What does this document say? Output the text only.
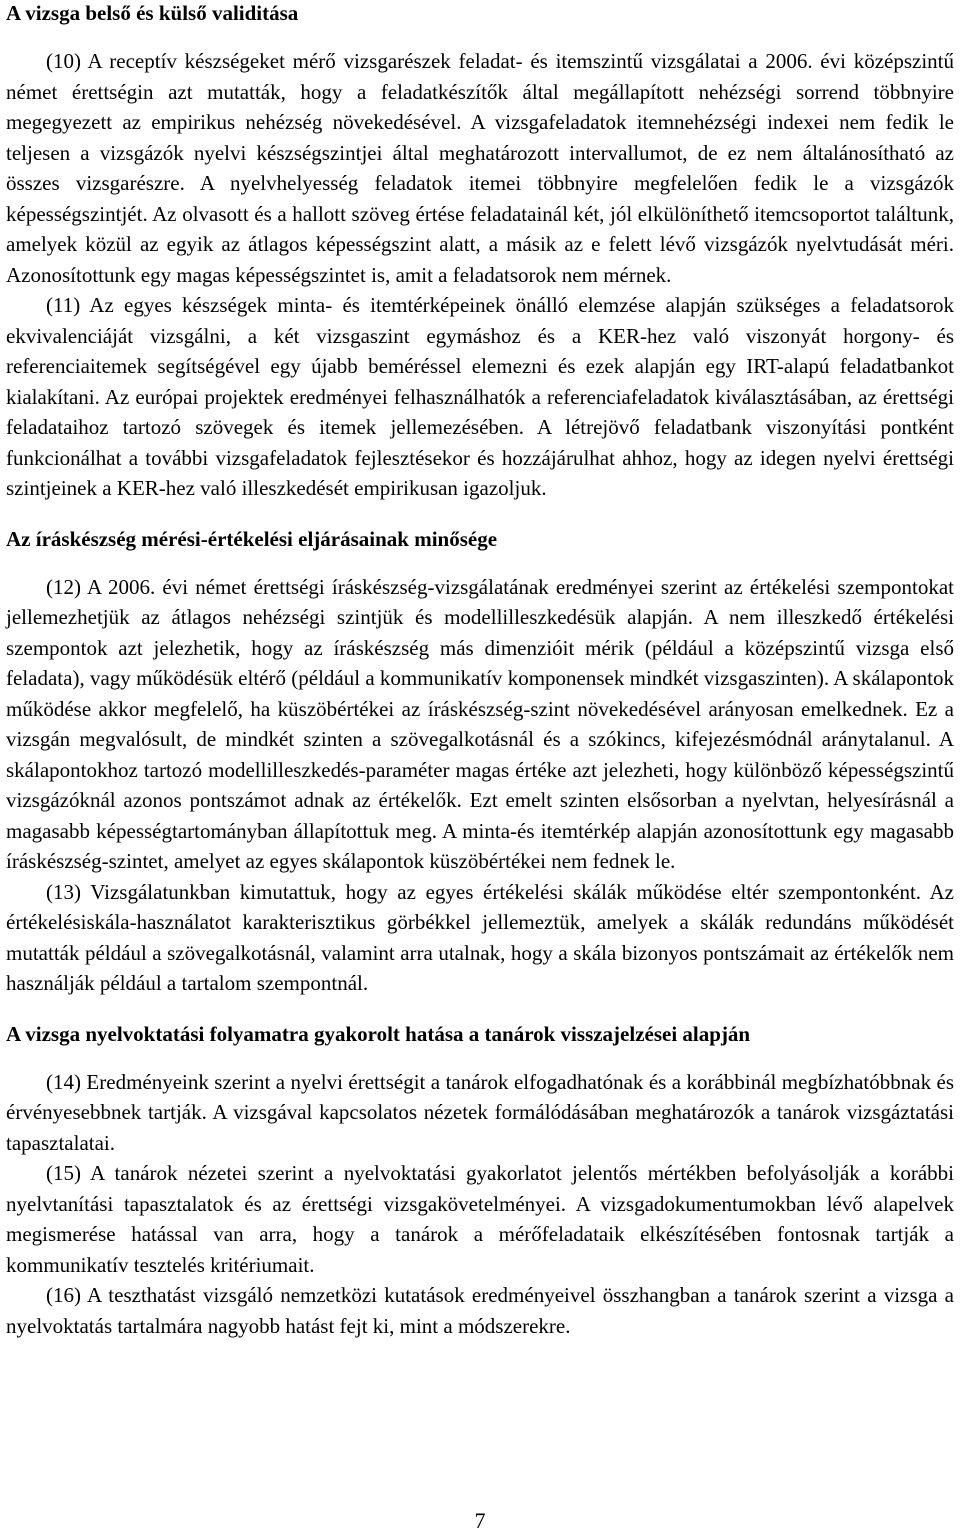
A vizsga belső és külső validitása

(10) A receptív készségeket mérő vizsgarészek feladat- és itemszintű vizsgálatai a 2006. évi középszintű német érettségin azt mutatták, hogy a feladatkészítők által megállapított nehézségi sorrend többnyire megegyezett az empirikus nehézség növekedésével. A vizsgafeladatok itemnehézségi indexei nem fedik le teljesen a vizsgázók nyelvi készségszintjei által meghatározott intervallumot, de ez nem általánosítható az összes vizsgarészre. A nyelvhelyesség feladatok itemei többnyire megfelelően fedik le a vizsgázók képességszintjét. Az olvasott és a hallott szöveg értése feladatainál két, jól elkülöníthető itemcsoportot találtunk, amelyek közül az egyik az átlagos képességszint alatt, a másik az e felett lévő vizsgázók nyelvtudását méri. Azonosítottunk egy magas képességszintet is, amit a feladatsorok nem mérnek.

(11) Az egyes készségek minta- és itemtérképeinek önálló elemzése alapján szükséges a feladatsorok ekvivalenciáját vizsgálni, a két vizsgaszint egymáshoz és a KER-hez való viszonyát horgony- és referenciaitemek segítségével egy újabb beméréssel elemezni és ezek alapján egy IRT-alapú feladatbankot kialakítani. Az európai projektek eredményei felhasználhatók a referenciafeladatok kiválasztásában, az érettségi feladataihoz tartozó szövegek és itemek jellemezésében. A létrejövő feladatbank viszonyítási pontként funkcionálhat a további vizsgafeladatok fejlesztésekor és hozzájárulhat ahhoz, hogy az idegen nyelvi érettségi szintjeinek a KER-hez való illeszkedését empirikusan igazoljuk.

Az íráskészség mérési-értékelési eljárásainak minősége

(12) A 2006. évi német érettségi íráskészség-vizsgálatának eredményei szerint az értékelési szempontokat jellemezhetjük az átlagos nehézségi szintjük és modellilleszkedésük alapján. A nem illeszkedő értékelési szempontok azt jelezhetik, hogy az íráskészség más dimenzióit mérik (például a középszintű vizsga első feladata), vagy működésük eltérő (például a kommunikatív komponensek mindkét vizsgaszinten). A skálapontok működése akkor megfelelő, ha küszöbértékei az íráskészség-szint növekedésével arányosan emelkednek. Ez a vizsgán megvalósult, de mindkét szinten a szövegalkotásnál és a szókincs, kifejezésmódnál aránytalanul. A skálapontokhoz tartozó modellilleszkedés-paraméter magas értéke azt jelezheti, hogy különböző képességszintű vizsgázóknál azonos pontszámot adnak az értékelők. Ezt emelt szinten elsősorban a nyelvtan, helyesírásnál a magasabb képességtartományban állapítottuk meg. A minta-és itemtérkép alapján azonosítottunk egy magasabb íráskészség-szintet, amelyet az egyes skálapontok küszöbértékei nem fednek le.

(13) Vizsgálatunkban kimutattuk, hogy az egyes értékelési skálák működése eltér szempontonként. Az értékelésiskála-használatot karakterisztikus görbékkel jellemeztük, amelyek a skálák redundáns működését mutatták például a szövegalkotásnál, valamint arra utalnak, hogy a skála bizonyos pontszámait az értékelők nem használják például a tartalom szempontnál.

A vizsga nyelvoktatási folyamatra gyakorolt hatása a tanárok visszajelzései alapján

(14) Eredményeink szerint a nyelvi érettségit a tanárok elfogadhatónak és a korábbinál megbízhatóbbnak és érvényesebbnek tartják. A vizsgával kapcsolatos nézetek formálódásában meghatározók a tanárok vizsgáztatási tapasztalatai.

(15) A tanárok nézetei szerint a nyelvoktatási gyakorlatot jelentős mértékben befolyásolják a korábbi nyelvtanítási tapasztalatok és az érettségi vizsgakövetelményei. A vizsgadokumentumokban lévő alapelvek megismerése hatással van arra, hogy a tanárok a mérőfeladataik elkészítésében fontosnak tartják a kommunikatív tesztelés kritériumait.

(16) A teszthatást vizsgáló nemzetközi kutatások eredményeivel összhangban a tanárok szerint a vizsga a nyelvoktatás tartalmára nagyobb hatást fejt ki, mint a módszerekre.

7
